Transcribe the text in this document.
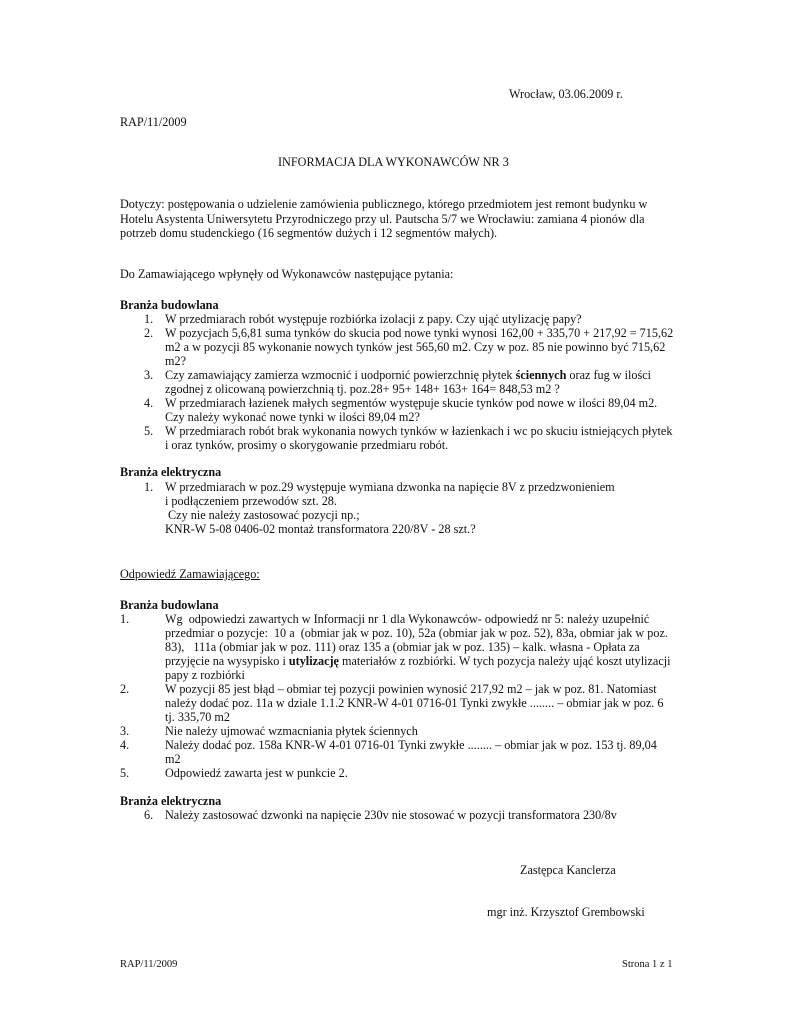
Wrocław, 03.06.2009 r.
RAP/11/2009
INFORMACJA DLA WYKONAWCÓW NR 3
Dotyczy: postępowania o udzielenie zamówienia publicznego, którego przedmiotem jest remont budynku w
Hotelu Asystenta Uniwersytetu Przyrodniczego przy ul. Pautscha 5/7 we Wrocławiu: zamiana 4 pionów dla
potrzeb domu studenckiego (16 segmentów dużych i 12 segmentów małych).
Do Zamawiającego wpłynęły od Wykonawców następujące pytania:
Branża budowlana
1. W przedmiarach robót występuje rozbiórka izolacji z papy. Czy ująć utylizację papy?
2. W pozycjach 5,6,81 suma tynków do skucia pod nowe tynki wynosi 162,00 + 335,70 + 217,92 = 715,62
m2 a w pozycji 85 wykonanie nowych tynków jest 565,60 m2. Czy w poz. 85 nie powinno być 715,62
m2?
3. Czy zamawiający zamierza wzmocnić i uodpornić powierzchnię płytek ściennych oraz fug w ilości
zgodnej z olicowaną powierzchnią tj. poz.28+ 95+ 148+ 163+ 164= 848,53 m2 ?
4. W przedmiarach łazienek małych segmentów występuje skucie tynków pod nowe w ilości 89,04 m2.
Czy należy wykonać nowe tynki w ilości 89,04 m2?
5. W przedmiarach robót brak wykonania nowych tynków w łazienkach i wc po skuciu istniejących płytek
i oraz tynków, prosimy o skorygowanie przedmiaru robót.
Branża elektryczna
1. W przedmiarach w poz.29 występuje wymiana dzwonka na napięcie 8V z przedzwonieniem
i podłączeniem przewodów szt. 28.
Czy nie należy zastosować pozycji np.;
KNR-W 5-08 0406-02 montaż transformatora 220/8V - 28 szt.?
Odpowiedź Zamawiającego:
Branża budowlana
1.	Wg  odpowiedzi zawartych w Informacji nr 1 dla Wykonawców- odpowiedź nr 5: należy uzupełnić
przedmiar o pozycje:  10 a  (obmiar jak w poz. 10), 52a (obmiar jak w poz. 52), 83a, obmiar jak w poz.
83),   111a (obmiar jak w poz. 111) oraz 135 a (obmiar jak w poz. 135) – kalk. własna - Opłata za
przyjęcie na wysypisko i utylizację materiałów z rozbiórki. W tych pozycja należy ująć koszt utylizacji
papy z rozbiórki
2.	W pozycji 85 jest błąd – obmiar tej pozycji powinien wynosić 217,92 m2 – jak w poz. 81. Natomiast
należy dodać poz. 11a w dziale 1.1.2 KNR-W 4-01 0716-01 Tynki zwykłe ........ – obmiar jak w poz. 6
tj. 335,70 m2
3.	Nie należy ujmować wzmacniania płytek ściennych
4.	Należy dodać poz. 158a KNR-W 4-01 0716-01 Tynki zwykłe ........ – obmiar jak w poz. 153 tj. 89,04
m2
5.	Odpowiedź zawarta jest w punkcie 2.
Branża elektryczna
6. Należy zastosować dzwonki na napięcie 230v nie stosować w pozycji transformatora 230/8v
Zastępca Kanclerza
mgr inż. Krzysztof Grembowski
RAP/11/2009	Strona 1 z 1
